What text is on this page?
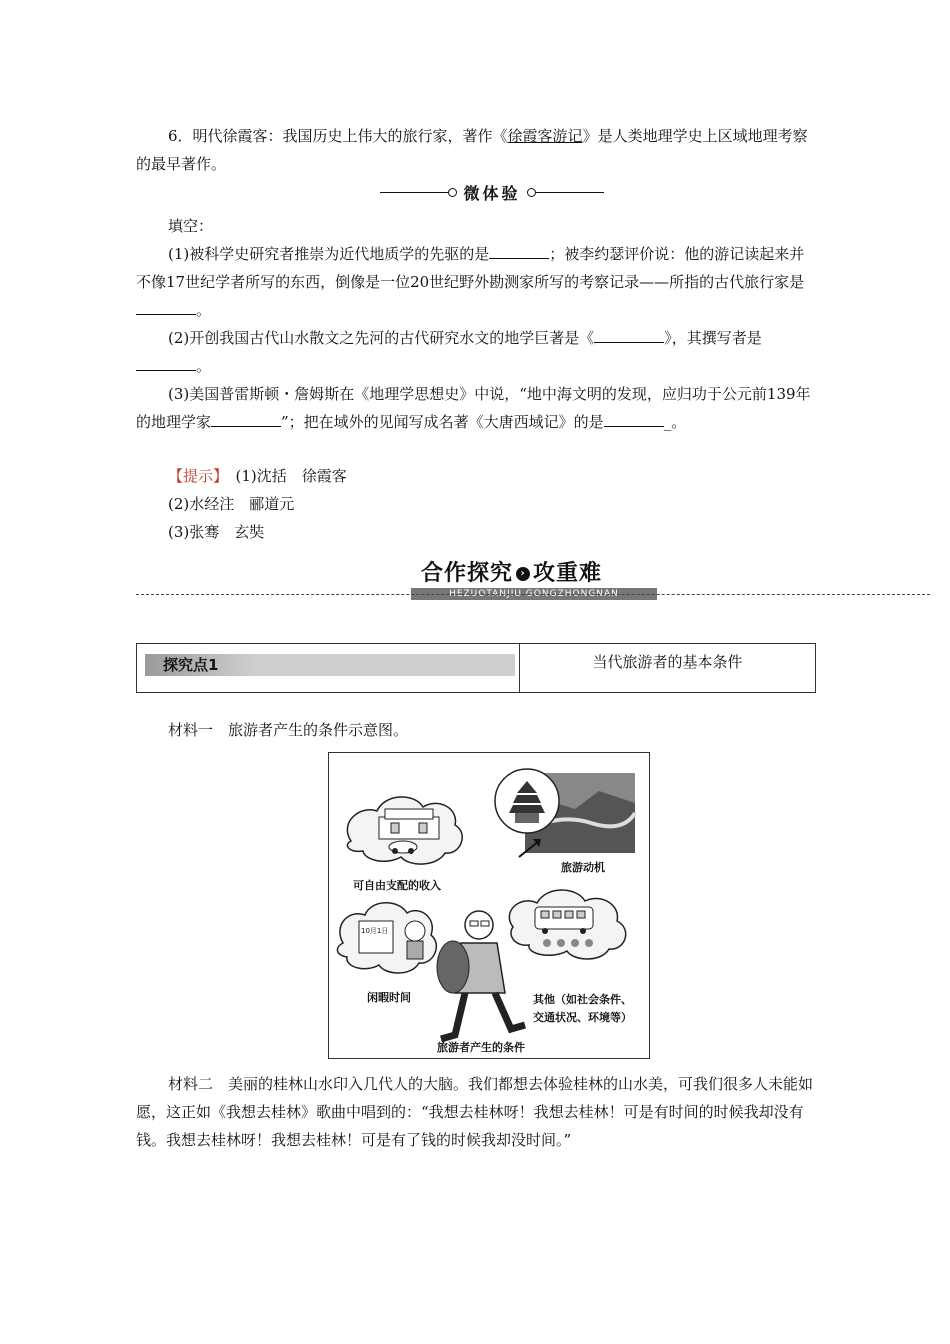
6．明代徐霞客：我国历史上伟大的旅行家，著作《徐霞客游记》是人类地理学史上区域地理考察的最早著作。

微体验

填空：

(1)被科学史研究者推崇为近代地质学的先驱的是	；被李约瑟评价说：他的游记读起来并不像17世纪学者所写的东西，倒像是一位20世纪野外勘测家所写的考察记录——所指的古代旅行家是。

(2)开创我国古代山水散文之先河的古代研究水文的地学巨著是《	》，其撰写者是。

(3)美国普雷斯顿・詹姆斯在《地理学思想史》中说，“地中海文明的发现，应归功于公元前139年的地理学家	”；把在域外的见闻写成名著《大唐西域记》的是	_。

【提示】　 (1)沈括　徐霞客

(2)水经注　郦道元

(3)张骞　玄奘

合作探究 › 攻重难
HEZUOTANJIU GONGZHONGNAN
探究点1	当代旅游者的基本条件

材料一　旅游者产生的条件示意图。

10月1日
可自由支配的收入
旅游动机
闲暇时间	其他（如社会条件、
交通状况、环境等）
旅游者产生的条件

材料二　美丽的桂林山水印入几代人的大脑。我们都想去体验桂林的山水美，可我们很多人未能如愿，这正如《我想去桂林》歌曲中唱到的：“我想去桂林呀！我想去桂林！可是有时间的时候我却没有钱。我想去桂林呀！我想去桂林！可是有了钱的时候我却没时间。”
